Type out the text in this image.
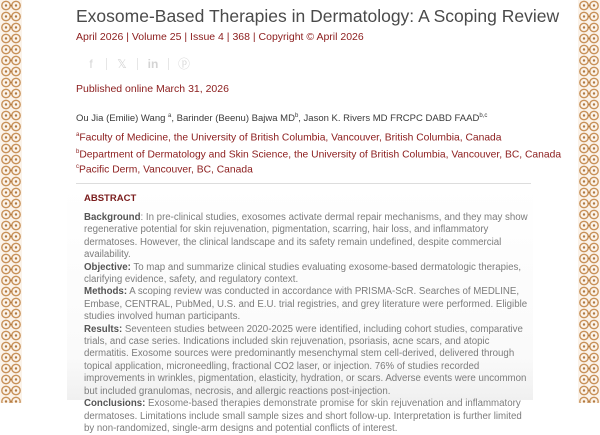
Exosome-Based Therapies in Dermatology: A Scoping Review
April 2026 | Volume 25 | Issue 4 | 368 | Copyright © April 2026
f	𝕏	in	ⓟ
Published online March 31, 2026
Ou Jia (Emilie) Wang $^a$, Barinder (Beenu) Bajwa $MD^b$, Jason K. Rivers MD FRCPC DABD FAAD$^{b,c}$
$^a$Faculty of Medicine, the University of British Columbia, Vancouver, British Columbia, Canada
$^b$Department of Dermatology and Skin Science, the University of British Columbia, Vancouver, BC, Canada
$^c$Pacific Derm, Vancouver, BC, Canada
ABSTRACT
Background: In pre-clinical studies, exosomes activate dermal repair mechanisms, and they may show regenerative potential for skin rejuvenation, pigmentation, scarring, hair loss, and inflammatory dermatoses. However, the clinical landscape and its safety remain undefined, despite commercial availability.
Objective: To map and summarize clinical studies evaluating exosome-based dermatologic therapies, clarifying evidence, safety, and regulatory context.
Methods: A scoping review was conducted in accordance with PRISMA-ScR. Searches of MEDLINE, Embase, CENTRAL, PubMed, U.S. and E.U. trial registries, and grey literature were performed. Eligible studies involved human participants.
Results: Seventeen studies between 2020-2025 were identified, including cohort studies, comparative trials, and case series. Indications included skin rejuvenation, psoriasis, acne scars, and atopic dermatitis. Exosome sources were predominantly mesenchymal stem cell-derived, delivered through topical application, microneedling, fractional CO2 laser, or injection. 76% of studies recorded improvements in wrinkles, pigmentation, elasticity, hydration, or scars. Adverse events were uncommon but included granulomas, necrosis, and allergic reactions post-injection.
Conclusions: Exosome-based therapies demonstrate promise for skin rejuvenation and inflammatory dermatoses. Limitations include small sample sizes and short follow-up. Interpretation is further limited by non-randomized, single-arm designs and potential conflicts of interest.
